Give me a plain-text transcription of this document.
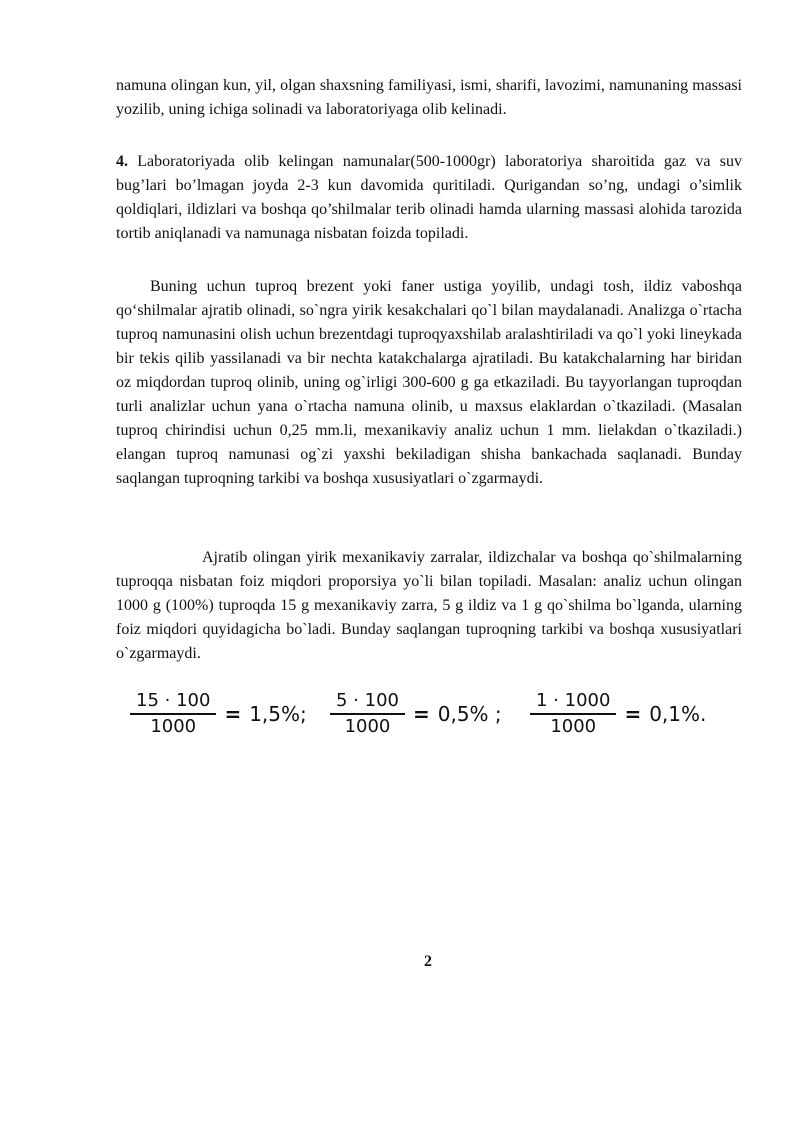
namuna olingan kun, yil, olgan shaxsning familiyasi, ismi, sharifi, lavozimi, namunaning massasi yozilib, uning ichiga solinadi va laboratoriyaga olib kelinadi.

4. Laboratoriyada olib kelingan namunalar(500-1000gr) laboratoriya sharoitida gaz va suv bug’lari bo’lmagan joyda 2-3 kun davomida quritiladi. Qurigandan so’ng, undagi o’simlik qoldiqlari, ildizlari va boshqa qo’shilmalar terib olinadi hamda ularning massasi alohida tarozida tortib aniqlanadi va namunaga nisbatan foizda topiladi.

Buning uchun tuproq brezent yoki faner ustiga yoyilib, undagi tosh, ildiz vaboshqa qo‘shilmalar ajratib olinadi, so`ngra yirik kesakchalari qo`l bilan maydalanadi. Analizga o`rtacha tuproq namunasini olish uchun brezentdagi tuproqyaxshilab aralashtiriladi va qo`l yoki lineykada bir tekis qilib yassilanadi va bir nechta katakchalarga ajratiladi. Bu katakchalarning har biridan oz miqdordan tuproq olinib, uning og`irligi 300-600 g ga etkaziladi. Bu tayyorlangan tuproqdan turli analizlar uchun yana o`rtacha namuna olinib, u maxsus elaklardan o`tkaziladi. (Masalan tuproq chirindisi uchun 0,25 mm.li, mexanikaviy analiz uchun 1 mm. lielakdan o`tkaziladi.) elangan tuproq namunasi og`zi yaxshi bekiladigan shisha bankachada saqlanadi. Bunday saqlangan tuproqning tarkibi va boshqa xususiyatlari o`zgarmaydi.

Ajratib olingan yirik mexanikaviy zarralar, ildizchalar va boshqa qo`shilmalarning tuproqqa nisbatan foiz miqdori proporsiya yo`li bilan topiladi. Masalan: analiz uchun olingan 1000 g (100%) tuproqda 15 g mexanikaviy zarra, 5 g ildiz va 1 g qo`shilma bo`lganda, ularning foiz miqdori quyidagicha bo`ladi. Bunday saqlangan tuproqning tarkibi va boshqa xususiyatlari o`zgarmaydi.

$\frac{15 \cdot 100}{1000} = 1,5\%$; $\frac{5 \cdot 100}{1000} = 0,5\%$ ; $\frac{1 \cdot 1000}{1000} = 0,1\%$.
2
